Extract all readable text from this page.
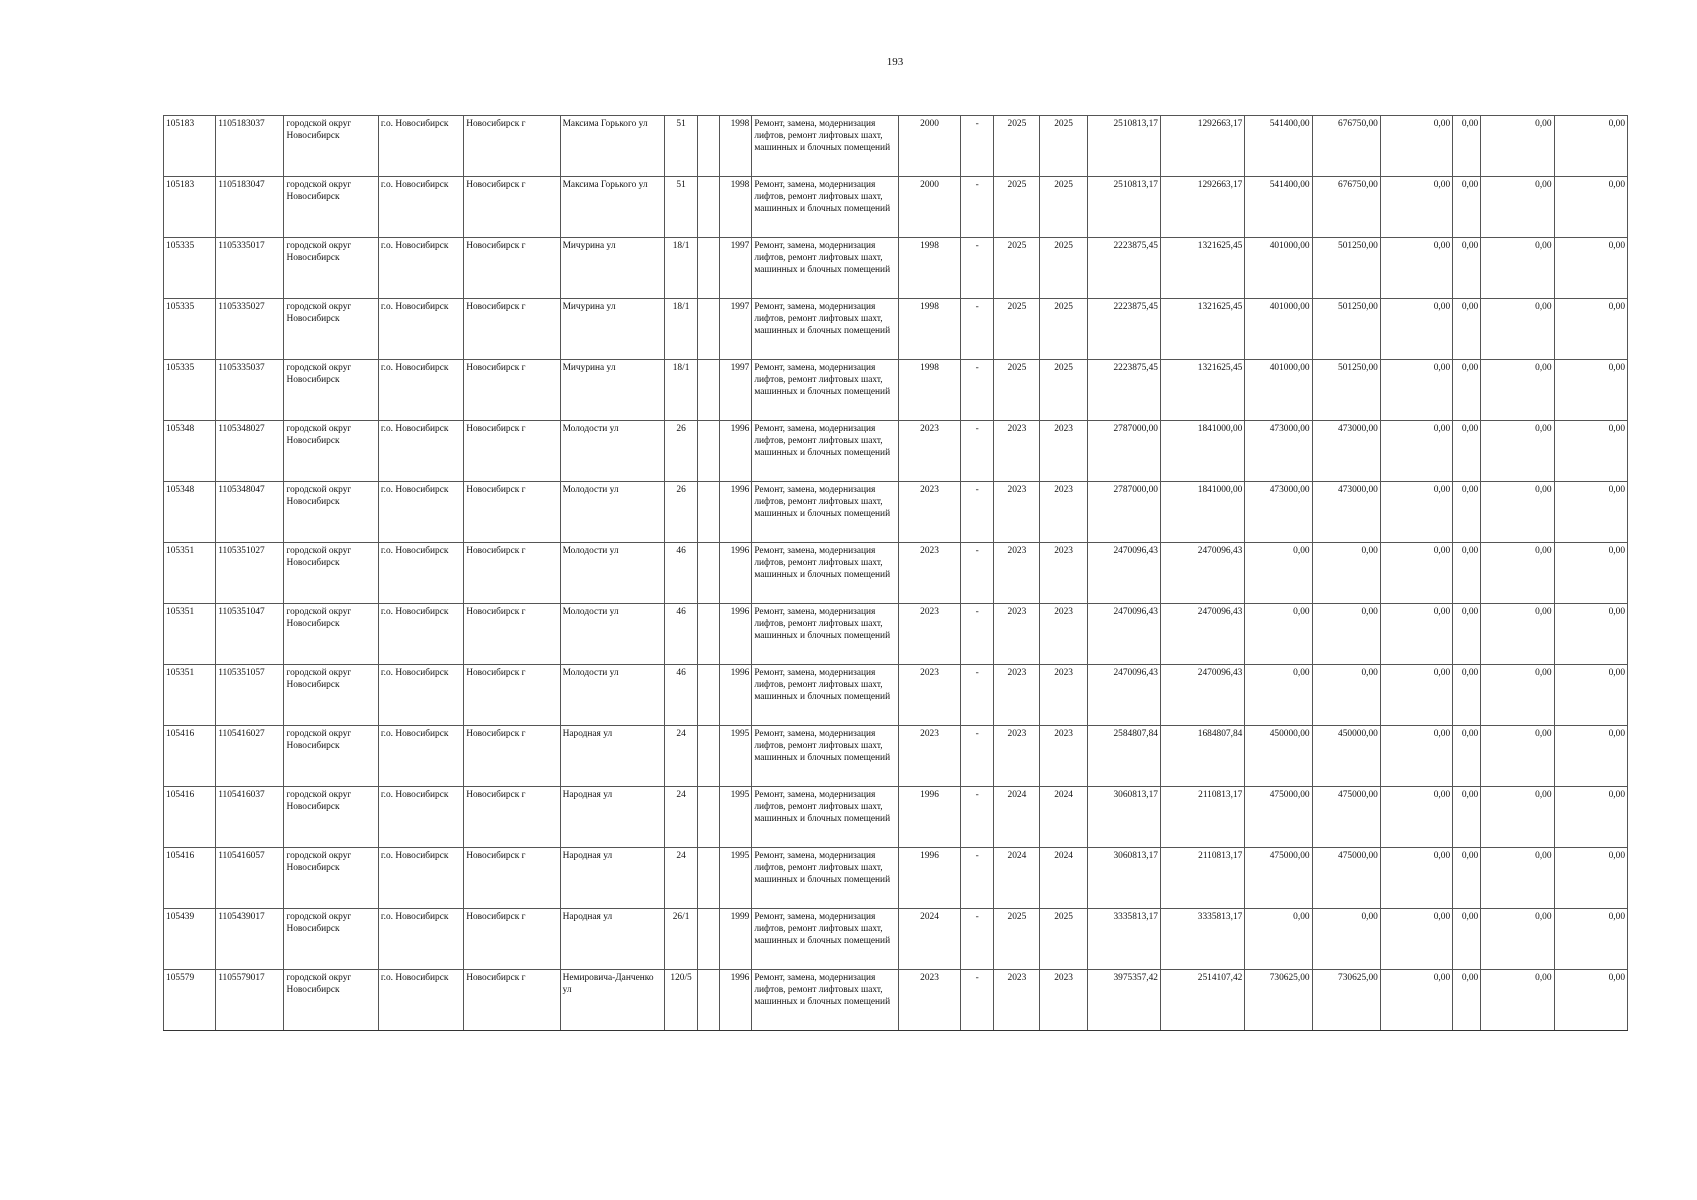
193
105183	1105183037	городской округ Новосибирск	г.о. Новосибирск	Новосибирск г	Максима Горького ул	51		1998	Ремонт, замена, модернизация лифтов, ремонт лифтовых шахт, машинных и блочных помещений	2000	-	2025	2025	2510813,17	1292663,17	541400,00	676750,00	0,00	0,00	0,00	0,00
105183	1105183047	городской округ Новосибирск	г.о. Новосибирск	Новосибирск г	Максима Горького ул	51		1998	Ремонт, замена, модернизация лифтов, ремонт лифтовых шахт, машинных и блочных помещений	2000	-	2025	2025	2510813,17	1292663,17	541400,00	676750,00	0,00	0,00	0,00	0,00
105335	1105335017	городской округ Новосибирск	г.о. Новосибирск	Новосибирск г	Мичурина ул	18/1		1997	Ремонт, замена, модернизация лифтов, ремонт лифтовых шахт, машинных и блочных помещений	1998	-	2025	2025	2223875,45	1321625,45	401000,00	501250,00	0,00	0,00	0,00	0,00
105335	1105335027	городской округ Новосибирск	г.о. Новосибирск	Новосибирск г	Мичурина ул	18/1		1997	Ремонт, замена, модернизация лифтов, ремонт лифтовых шахт, машинных и блочных помещений	1998	-	2025	2025	2223875,45	1321625,45	401000,00	501250,00	0,00	0,00	0,00	0,00
105335	1105335037	городской округ Новосибирск	г.о. Новосибирск	Новосибирск г	Мичурина ул	18/1		1997	Ремонт, замена, модернизация лифтов, ремонт лифтовых шахт, машинных и блочных помещений	1998	-	2025	2025	2223875,45	1321625,45	401000,00	501250,00	0,00	0,00	0,00	0,00
105348	1105348027	городской округ Новосибирск	г.о. Новосибирск	Новосибирск г	Молодости ул	26		1996	Ремонт, замена, модернизация лифтов, ремонт лифтовых шахт, машинных и блочных помещений	2023	-	2023	2023	2787000,00	1841000,00	473000,00	473000,00	0,00	0,00	0,00	0,00
105348	1105348047	городской округ Новосибирск	г.о. Новосибирск	Новосибирск г	Молодости ул	26		1996	Ремонт, замена, модернизация лифтов, ремонт лифтовых шахт, машинных и блочных помещений	2023	-	2023	2023	2787000,00	1841000,00	473000,00	473000,00	0,00	0,00	0,00	0,00
105351	1105351027	городской округ Новосибирск	г.о. Новосибирск	Новосибирск г	Молодости ул	46		1996	Ремонт, замена, модернизация лифтов, ремонт лифтовых шахт, машинных и блочных помещений	2023	-	2023	2023	2470096,43	2470096,43	0,00	0,00	0,00	0,00	0,00	0,00
105351	1105351047	городской округ Новосибирск	г.о. Новосибирск	Новосибирск г	Молодости ул	46		1996	Ремонт, замена, модернизация лифтов, ремонт лифтовых шахт, машинных и блочных помещений	2023	-	2023	2023	2470096,43	2470096,43	0,00	0,00	0,00	0,00	0,00	0,00
105351	1105351057	городской округ Новосибирск	г.о. Новосибирск	Новосибирск г	Молодости ул	46		1996	Ремонт, замена, модернизация лифтов, ремонт лифтовых шахт, машинных и блочных помещений	2023	-	2023	2023	2470096,43	2470096,43	0,00	0,00	0,00	0,00	0,00	0,00
105416	1105416027	городской округ Новосибирск	г.о. Новосибирск	Новосибирск г	Народная ул	24		1995	Ремонт, замена, модернизация лифтов, ремонт лифтовых шахт, машинных и блочных помещений	2023	-	2023	2023	2584807,84	1684807,84	450000,00	450000,00	0,00	0,00	0,00	0,00
105416	1105416037	городской округ Новосибирск	г.о. Новосибирск	Новосибирск г	Народная ул	24		1995	Ремонт, замена, модернизация лифтов, ремонт лифтовых шахт, машинных и блочных помещений	1996	-	2024	2024	3060813,17	2110813,17	475000,00	475000,00	0,00	0,00	0,00	0,00
105416	1105416057	городской округ Новосибирск	г.о. Новосибирск	Новосибирск г	Народная ул	24		1995	Ремонт, замена, модернизация лифтов, ремонт лифтовых шахт, машинных и блочных помещений	1996	-	2024	2024	3060813,17	2110813,17	475000,00	475000,00	0,00	0,00	0,00	0,00
105439	1105439017	городской округ Новосибирск	г.о. Новосибирск	Новосибирск г	Народная ул	26/1		1999	Ремонт, замена, модернизация лифтов, ремонт лифтовых шахт, машинных и блочных помещений	2024	-	2025	2025	3335813,17	3335813,17	0,00	0,00	0,00	0,00	0,00	0,00
105579	1105579017	городской округ Новосибирск	г.о. Новосибирск	Новосибирск г	Немировича-Данченко ул	120/5		1996	Ремонт, замена, модернизация лифтов, ремонт лифтовых шахт, машинных и блочных помещений	2023	-	2023	2023	3975357,42	2514107,42	730625,00	730625,00	0,00	0,00	0,00	0,00
